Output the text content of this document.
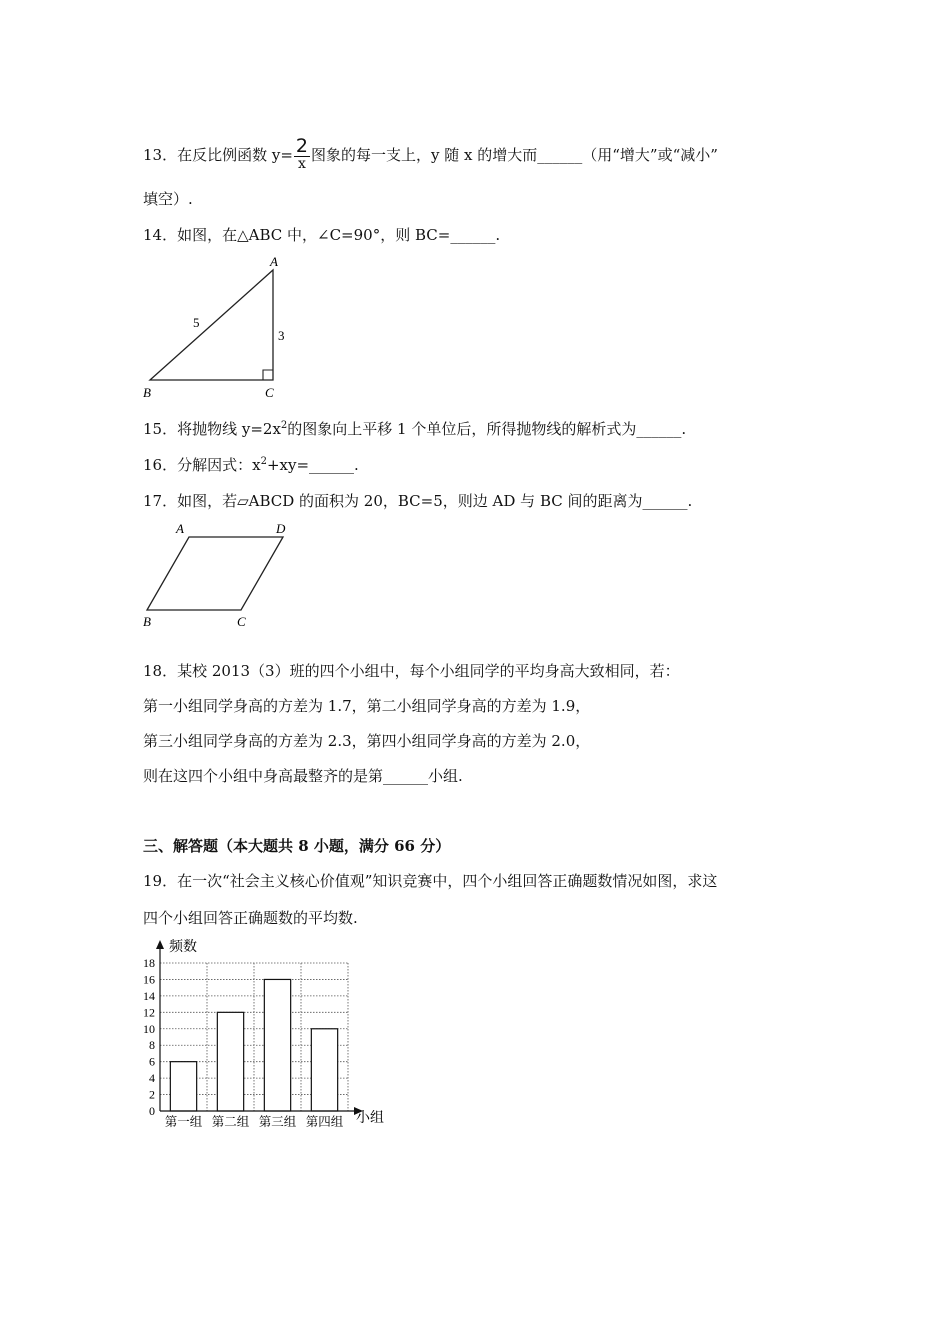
13．在反比例函数 $y= \frac{2}{x}$ 图象的每一支上，y 随 x 的增大而______（用“增大”或“减小”
填空）.
14．如图，在△ABC 中，∠C=90°，则 BC=______.
A
B	C
5
3
15．将抛物线 $y=2x^2$的图象向上平移 1 个单位后，所得抛物线的解析式为______.
16．分解因式：$x^2+xy=\_\_\_\_\_\_$.
17．如图，若▱ABCD 的面积为 20，BC=5，则边 AD 与 BC 间的距离为______.
A	D
B	C
18．某校 2013（3）班的四个小组中，每个小组同学的平均身高大致相同，若：
第一小组同学身高的方差为 1.7，第二小组同学身高的方差为 1.9，
第三小组同学身高的方差为 2.3，第四小组同学身高的方差为 2.0，
则在这四个小组中身高最整齐的是第______小组.
三、解答题（本大题共 8 小题，满分 66 分）
19．在一次“社会主义核心价值观”知识竞赛中，四个小组回答正确题数情况如图，求这
四个小组回答正确题数的平均数.
0
2
4
6
8
10
12
14
16
18
第一组 第二组 第三组 第四组
频数
小组
